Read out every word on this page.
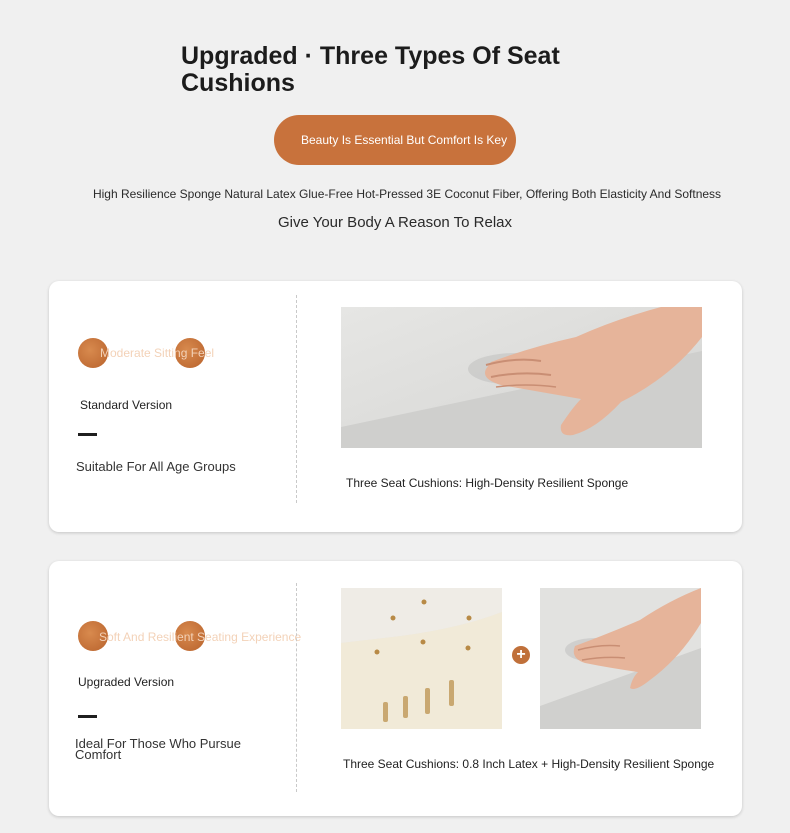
Upgraded · Three Types Of Seat Cushions
Beauty Is Essential But Comfort Is Key
High Resilience Sponge Natural Latex Glue-Free Hot-Pressed 3E Coconut Fiber, Offering Both Elasticity And Softness
Give Your Body A Reason To Relax
Moderate Sitting Feel
Standard Version
Suitable For All Age Groups
Three Seat Cushions: High-Density Resilient Sponge
Soft And Resilient Seating Experience
Upgraded Version
Ideal For Those Who Pursue Comfort
+
Three Seat Cushions: 0.8 Inch Latex + High-Density Resilient Sponge
